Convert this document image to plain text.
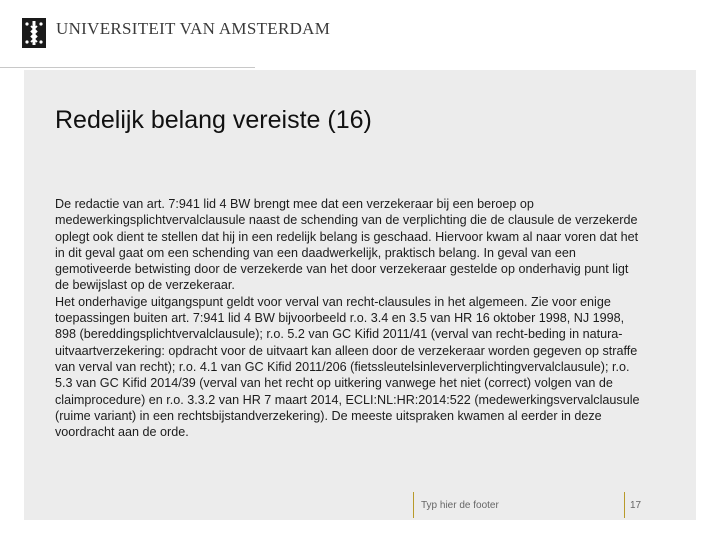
UNIVERSITEIT VAN AMSTERDAM
Redelijk belang vereiste (16)

De redactie van art. 7:941 lid 4 BW brengt mee dat een verzekeraar bij een beroep op medewerkingsplichtvervalclausule naast de schending van de verplichting die de clausule de verzekerde oplegt ook dient te stellen dat hij in een redelijk belang is geschaad. Hiervoor kwam al naar voren dat het in dit geval gaat om een schending van een daadwerkelijk, praktisch belang. In geval van een gemotiveerde betwisting door de verzekerde van het door verzekeraar gestelde op onderhavig punt ligt de bewijslast op de verzekeraar.

Het onderhavige uitgangspunt geldt voor verval van recht-clausules in het algemeen. Zie voor enige toepassingen buiten art. 7:941 lid 4 BW bijvoorbeeld r.o. 3.4 en 3.5 van HR 16 oktober 1998, NJ 1998, 898 (bereddingsplichtvervalclausule); r.o. 5.2 van GC Kifid 2011/41 (verval van recht-beding in natura-uitvaartverzekering: opdracht voor de uitvaart kan alleen door de verzekeraar worden gegeven op straffe van verval van recht); r.o. 4.1 van GC Kifid 2011/206 (fietssleutelsinleververplichtingvervalclausule); r.o. 5.3 van GC Kifid 2014/39 (verval van het recht op uitkering vanwege het niet (correct) volgen van de claimprocedure) en r.o. 3.3.2 van HR 7 maart 2014, ECLI:NL:HR:2014:522 (medewerkingsvervalclausule (ruime variant) in een rechtsbijstandverzekering). De meeste uitspraken kwamen al eerder in deze voordracht aan de orde.

Typ hier de footer	17
